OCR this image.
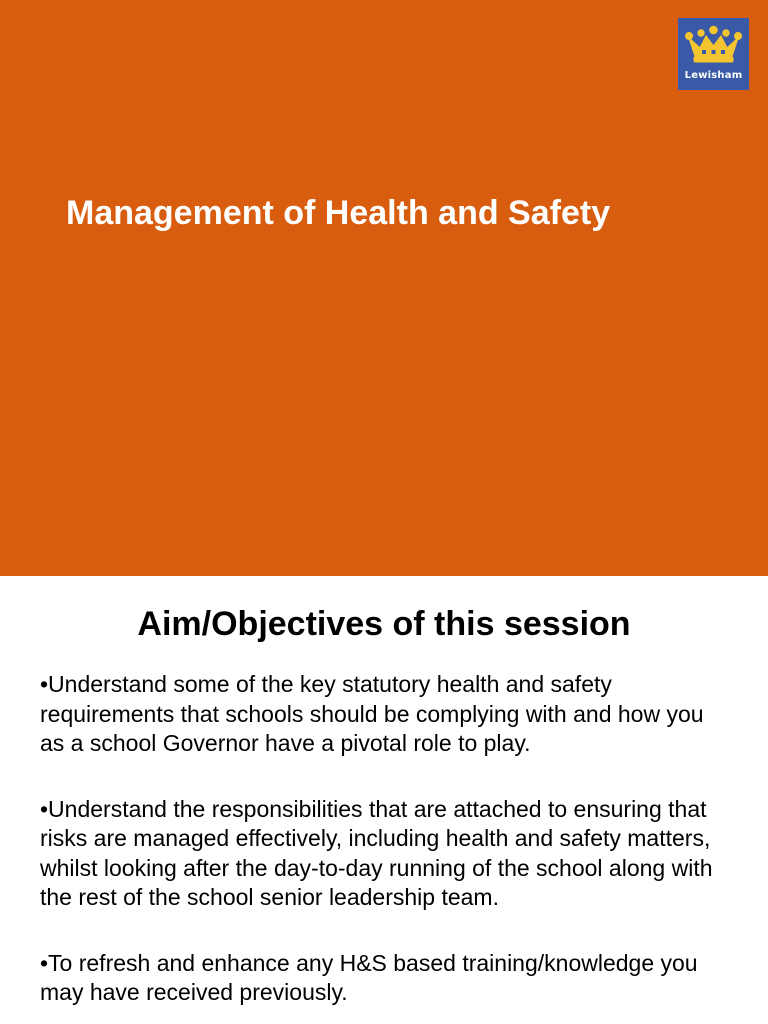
Lewisham
Management of Health and Safety
Aim/Objectives of this session
•Understand some of the key statutory health and safety requirements that schools should be complying with and how you as a school Governor have a pivotal role to play.
•Understand the responsibilities that are attached to ensuring that risks are managed effectively, including health and safety matters, whilst looking after the day-to-day running of the school along with the rest of the school senior leadership team.
•To refresh and enhance any H&S based training/knowledge you may have received previously.
